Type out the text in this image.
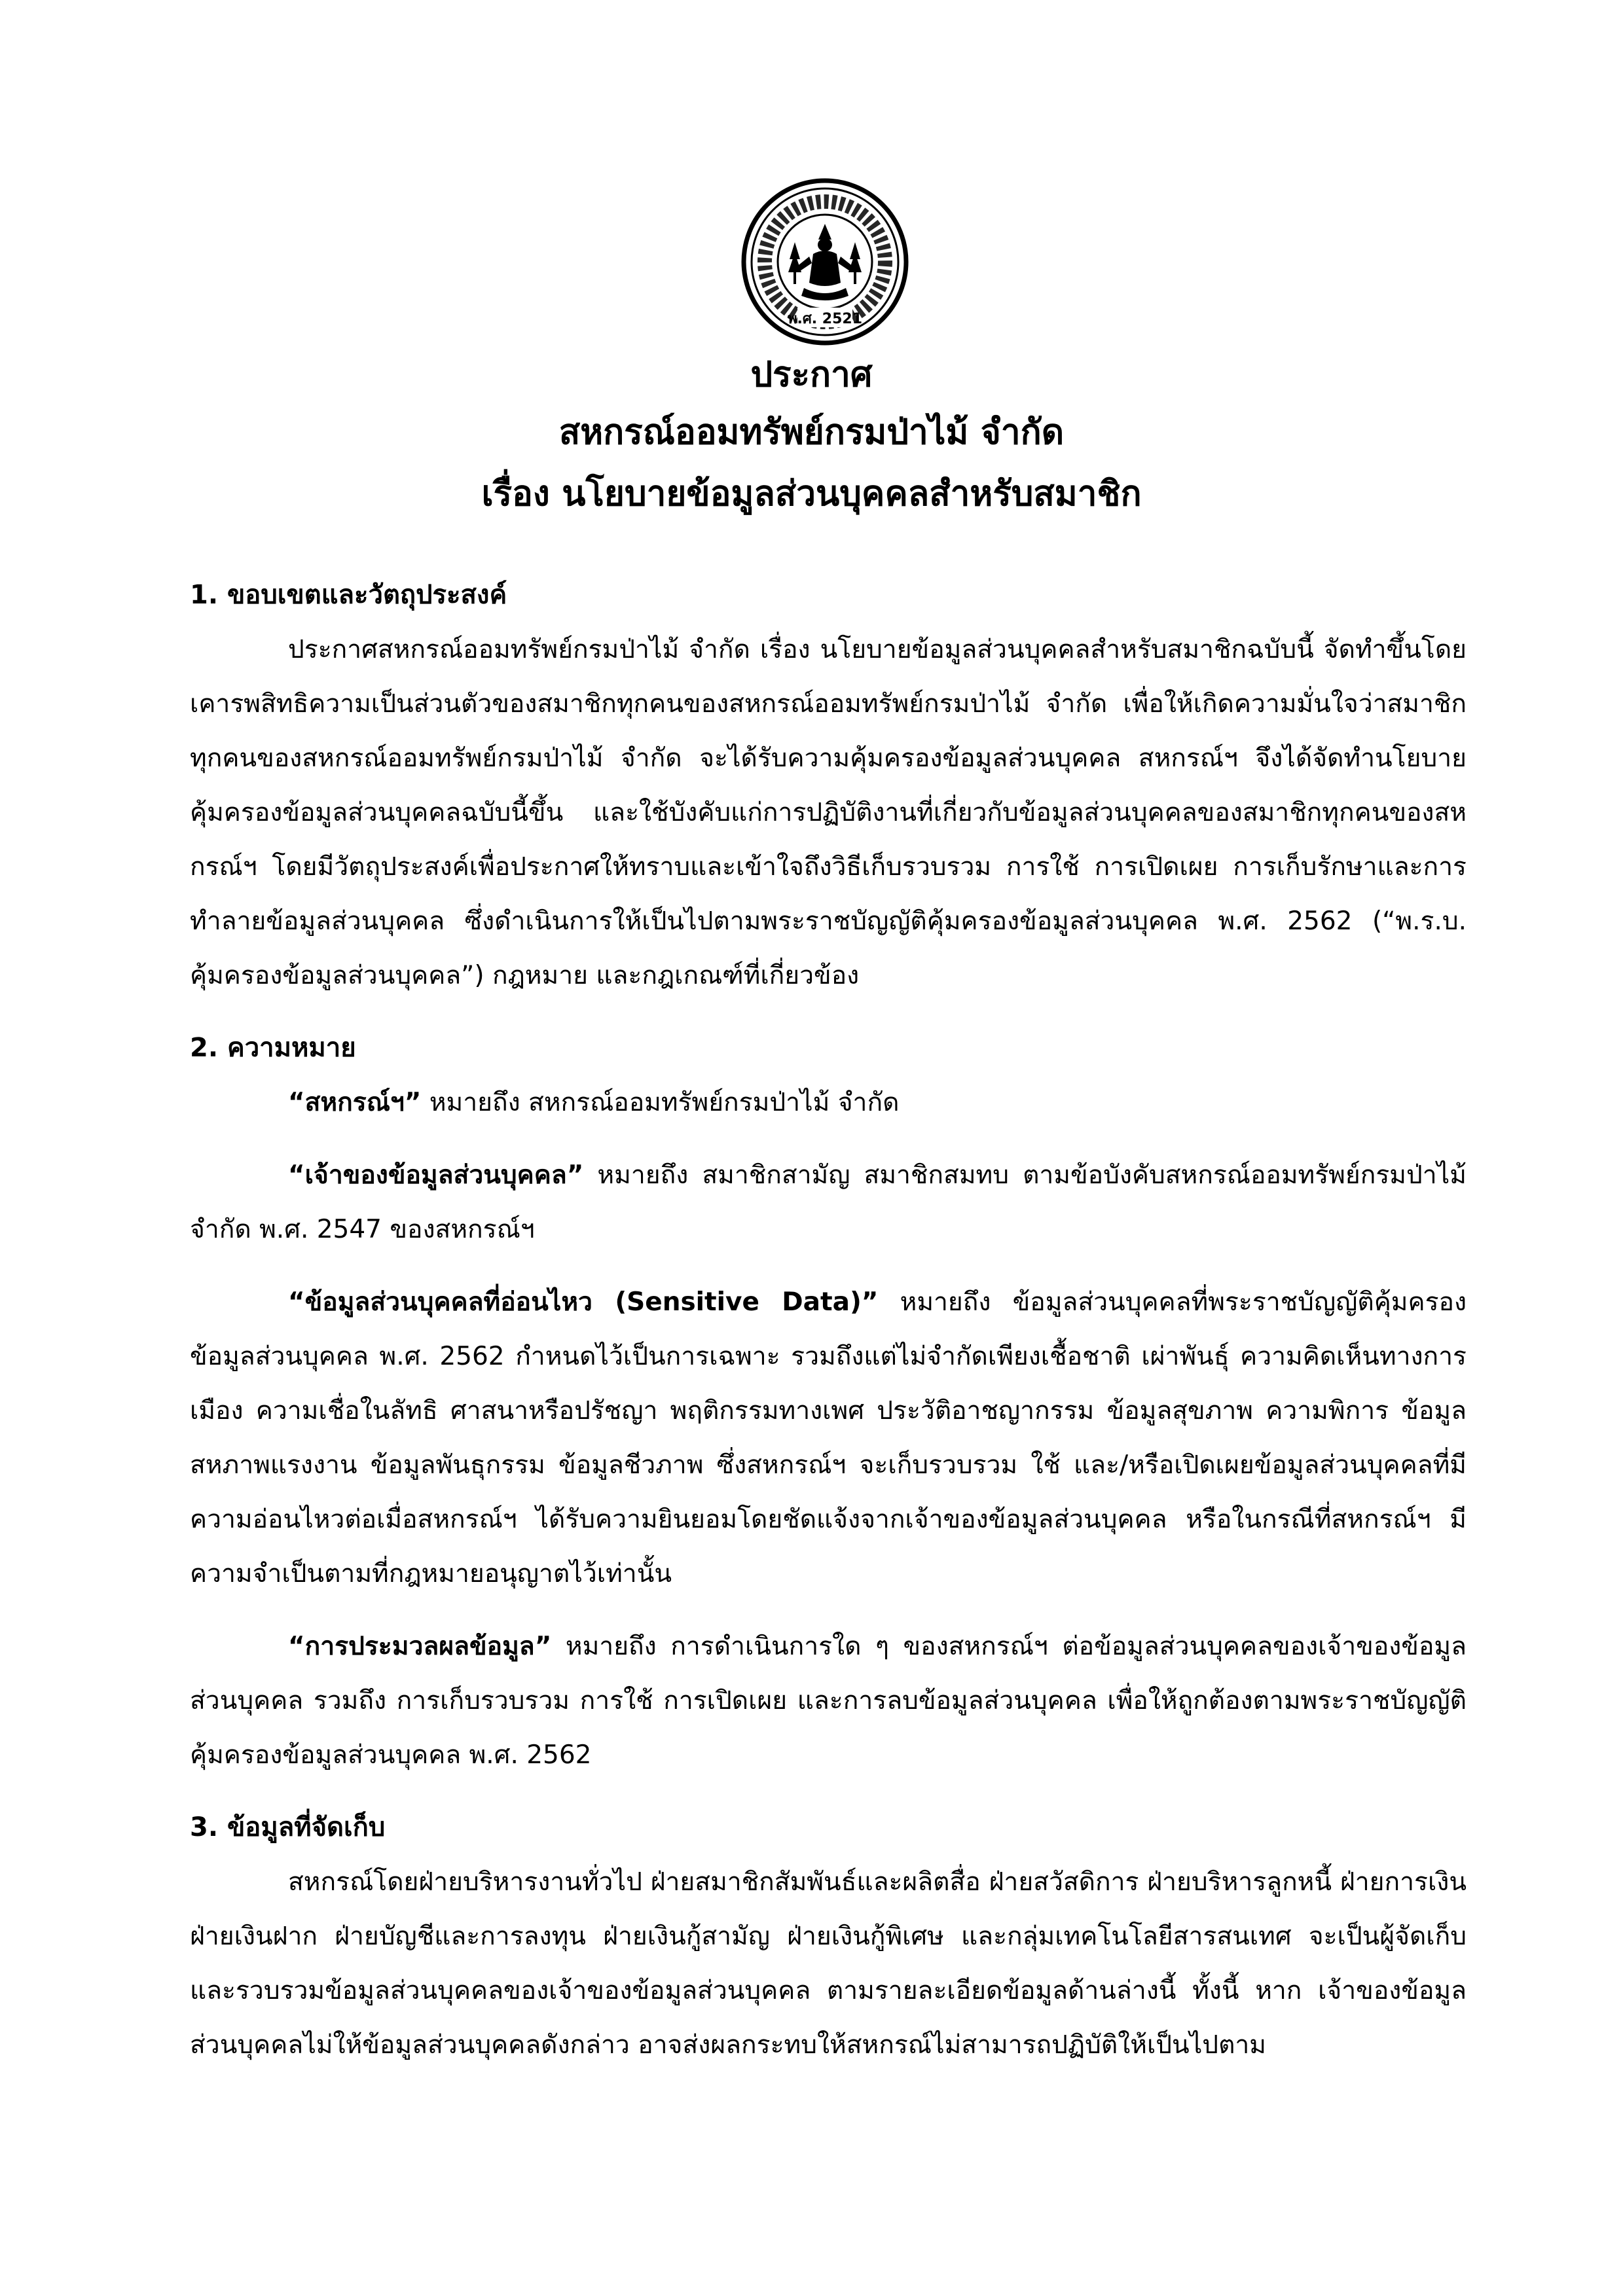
พ.ศ. 2521
ประกาศ
สหกรณ์ออมทรัพย์กรมป่าไม้ จำกัด
เรื่อง นโยบายข้อมูลส่วนบุคคลสำหรับสมาชิก
1. ขอบเขตและวัตถุประสงค์

ประกาศสหกรณ์ออมทรัพย์กรมป่าไม้ จำกัด เรื่อง นโยบายข้อมูลส่วนบุคคลสำหรับสมาชิกฉบับนี้ จัดทำขึ้นโดยเคารพสิทธิความเป็นส่วนตัวของสมาชิกทุกคนของสหกรณ์ออมทรัพย์กรมป่าไม้ จำกัด เพื่อให้เกิดความมั่นใจว่าสมาชิกทุกคนของสหกรณ์ออมทรัพย์กรมป่าไม้ จำกัด จะได้รับความคุ้มครองข้อมูลส่วนบุคคล สหกรณ์ฯ จึงได้จัดทำนโยบายคุ้มครองข้อมูลส่วนบุคคลฉบับนี้ขึ้น และใช้บังคับแก่การปฏิบัติงานที่เกี่ยวกับข้อมูลส่วนบุคคลของสมาชิกทุกคนของสหกรณ์ฯ โดยมีวัตถุประสงค์เพื่อประกาศให้ทราบและเข้าใจถึงวิธีเก็บรวบรวม การใช้ การเปิดเผย การเก็บรักษาและการทำลายข้อมูลส่วนบุคคล ซึ่งดำเนินการให้เป็นไปตามพระราชบัญญัติคุ้มครองข้อมูลส่วนบุคคล พ.ศ. 2562 (“พ.ร.บ. คุ้มครองข้อมูลส่วนบุคคล”) กฎหมาย และกฎเกณฑ์ที่เกี่ยวข้อง

2. ความหมาย

“สหกรณ์ฯ” หมายถึง สหกรณ์ออมทรัพย์กรมป่าไม้ จำกัด

“เจ้าของข้อมูลส่วนบุคคล” หมายถึง สมาชิกสามัญ สมาชิกสมทบ ตามข้อบังคับสหกรณ์ออมทรัพย์กรมป่าไม้ จำกัด พ.ศ. 2547 ของสหกรณ์ฯ

“ข้อมูลส่วนบุคคลที่อ่อนไหว (Sensitive Data)” หมายถึง ข้อมูลส่วนบุคคลที่พระราชบัญญัติคุ้มครองข้อมูลส่วนบุคคล พ.ศ. 2562 กำหนดไว้เป็นการเฉพาะ รวมถึงแต่ไม่จำกัดเพียงเชื้อชาติ เผ่าพันธุ์ ความคิดเห็นทางการเมือง ความเชื่อในลัทธิ ศาสนาหรือปรัชญา พฤติกรรมทางเพศ ประวัติอาชญากรรม ข้อมูลสุขภาพ ความพิการ ข้อมูลสหภาพแรงงาน ข้อมูลพันธุกรรม ข้อมูลชีวภาพ ซึ่งสหกรณ์ฯ จะเก็บรวบรวม ใช้ และ/หรือเปิดเผยข้อมูลส่วนบุคคลที่มีความอ่อนไหวต่อเมื่อสหกรณ์ฯ ได้รับความยินยอมโดยชัดแจ้งจากเจ้าของข้อมูลส่วนบุคคล หรือในกรณีที่สหกรณ์ฯ มีความจำเป็นตามที่กฎหมายอนุญาตไว้เท่านั้น

“การประมวลผลข้อมูล” หมายถึง การดำเนินการใด ๆ ของสหกรณ์ฯ ต่อข้อมูลส่วนบุคคลของเจ้าของข้อมูลส่วนบุคคล รวมถึง การเก็บรวบรวม การใช้ การเปิดเผย และการลบข้อมูลส่วนบุคคล เพื่อให้ถูกต้องตามพระราชบัญญัติคุ้มครองข้อมูลส่วนบุคคล พ.ศ. 2562

3. ข้อมูลที่จัดเก็บ

สหกรณ์โดยฝ่ายบริหารงานทั่วไป ฝ่ายสมาชิกสัมพันธ์และผลิตสื่อ ฝ่ายสวัสดิการ ฝ่ายบริหารลูกหนี้ ฝ่ายการเงิน ฝ่ายเงินฝาก ฝ่ายบัญชีและการลงทุน ฝ่ายเงินกู้สามัญ ฝ่ายเงินกู้พิเศษ และกลุ่มเทคโนโลยีสารสนเทศ จะเป็นผู้จัดเก็บและรวบรวมข้อมูลส่วนบุคคลของเจ้าของข้อมูลส่วนบุคคล ตามรายละเอียดข้อมูลด้านล่างนี้ ทั้งนี้ หาก เจ้าของข้อมูลส่วนบุคคลไม่ให้ข้อมูลส่วนบุคคลดังกล่าว อาจส่งผลกระทบให้สหกรณ์ไม่สามารถปฏิบัติให้เป็นไปตาม
